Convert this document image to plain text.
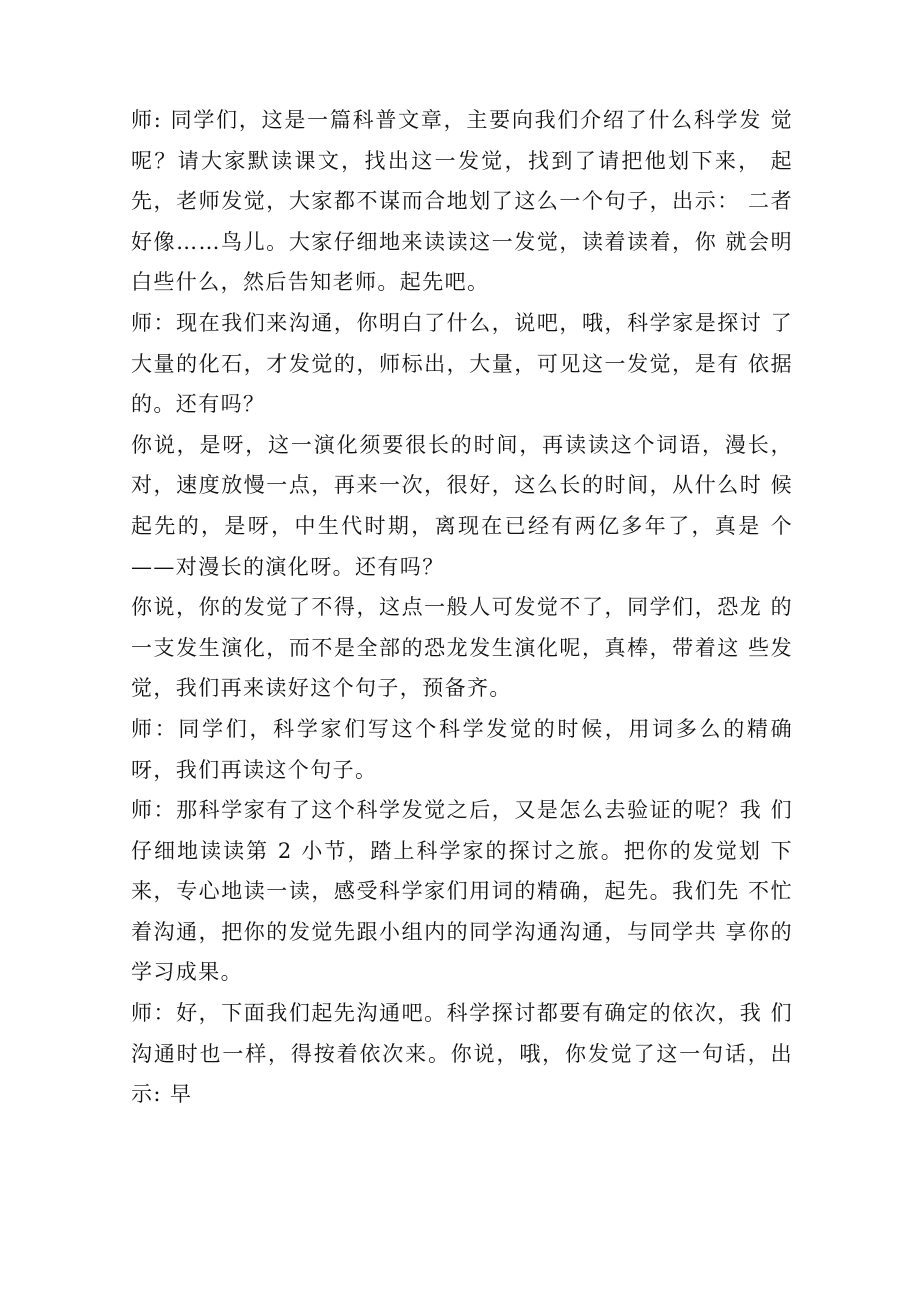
师: 同学们，这是一篇科普文章，主要向我们介绍了什么科学发 觉呢？请大家默读课文，找出这一发觉，找到了请把他划下来， 起先，老师发觉，大家都不谋而合地划了这么一个句子，出示： 二者好像……鸟儿。大家仔细地来读读这一发觉，读着读着，你 就会明白些什么，然后告知老师。起先吧。

师：现在我们来沟通，你明白了什么，说吧，哦，科学家是探讨 了大量的化石，才发觉的，师标出，大量，可见这一发觉，是有 依据的。还有吗？

你说，是呀，这一演化须要很长的时间，再读读这个词语，漫长， 对，速度放慢一点，再来一次，很好，这么长的时间，从什么时 候起先的，是呀，中生代时期，离现在已经有两亿多年了，真是 个——对漫长的演化呀。还有吗？

你说，你的发觉了不得，这点一般人可发觉不了，同学们，恐龙 的一支发生演化，而不是全部的恐龙发生演化呢，真棒，带着这 些发觉，我们再来读好这个句子，预备齐。

师：同学们，科学家们写这个科学发觉的时候，用词多么的精确 呀，我们再读这个句子。

师：那科学家有了这个科学发觉之后，又是怎么去验证的呢？我 们仔细地读读第 2 小节，踏上科学家的探讨之旅。把你的发觉划 下来，专心地读一读，感受科学家们用词的精确，起先。我们先 不忙着沟通，把你的发觉先跟小组内的同学沟通沟通，与同学共 享你的学习成果。

师：好，下面我们起先沟通吧。科学探讨都要有确定的依次，我 们沟通时也一样，得按着依次来。你说，哦，你发觉了这一句话，出示: 早
